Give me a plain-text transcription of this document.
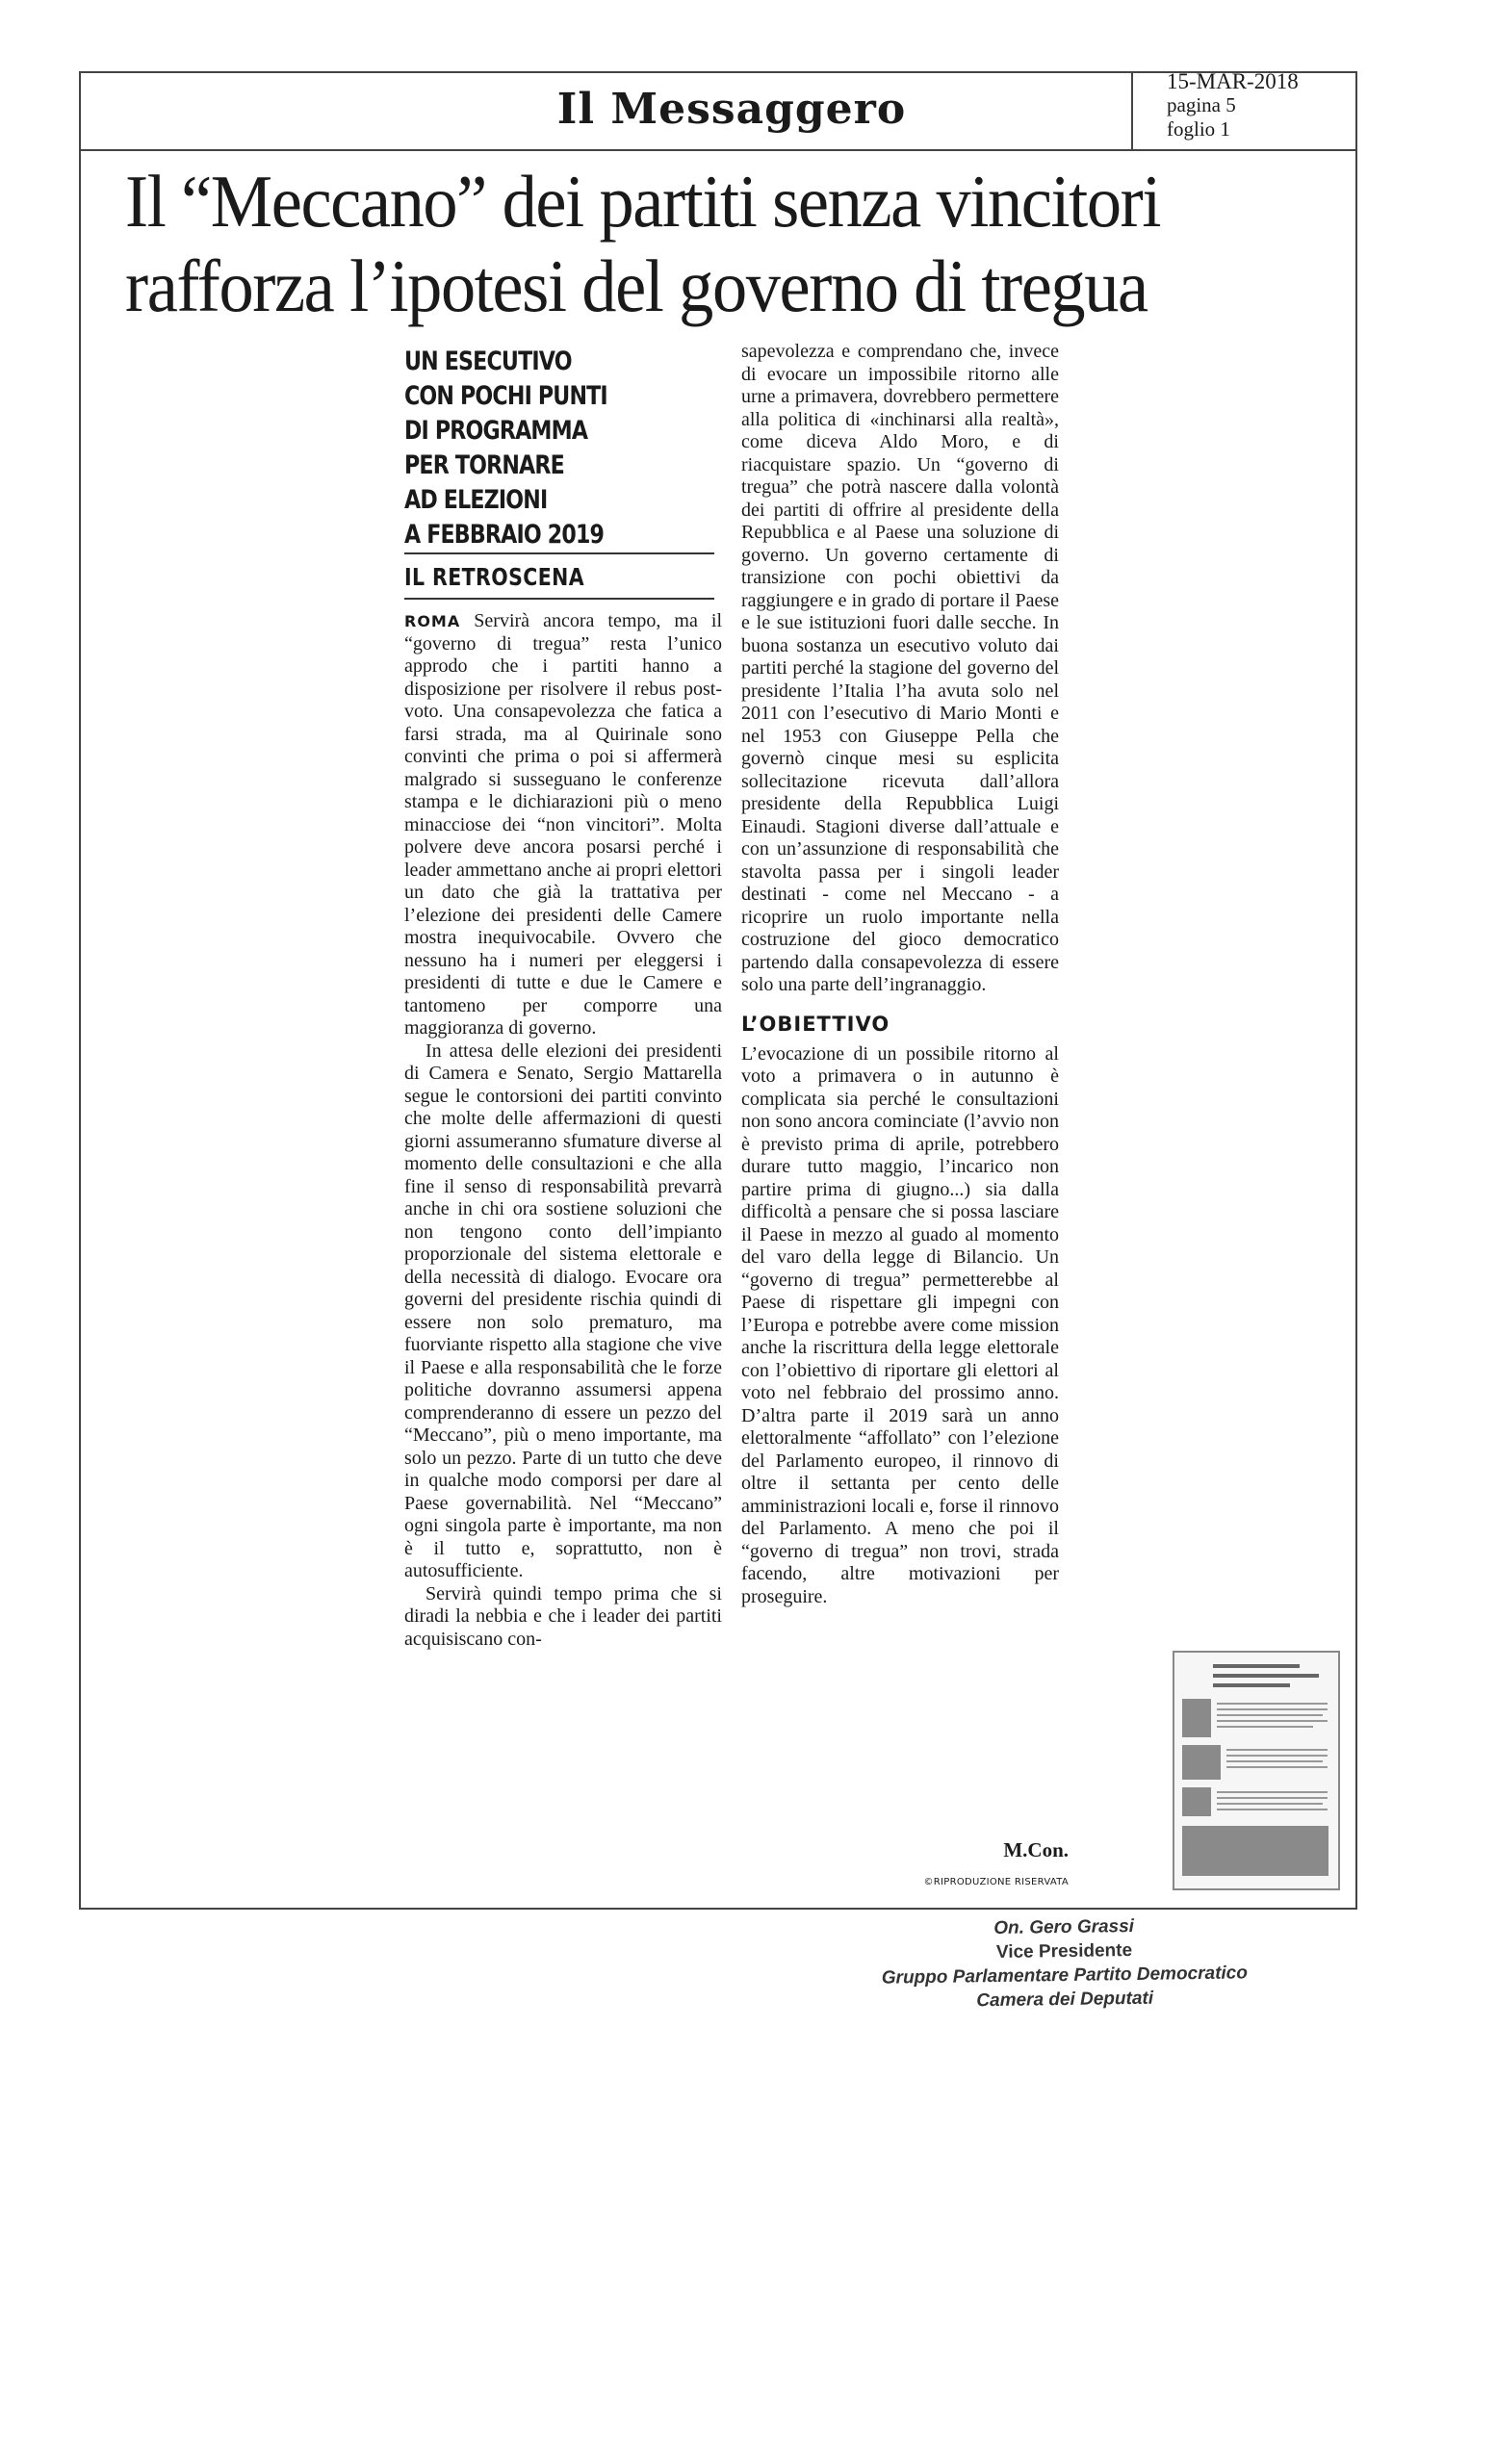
Il Messaggero
15-MAR-2018
pagina 5
foglio 1
Il “Meccano” dei partiti senza vincitori
rafforza l’ipotesi del governo di tregua
UN ESECUTIVO
CON POCHI PUNTI
DI PROGRAMMA
PER TORNARE
AD ELEZIONI
A FEBBRAIO 2019
IL RETROSCENA

ROMA Servirà ancora tempo, ma il “governo di tregua” resta l’unico approdo che i partiti hanno a disposizione per risolvere il rebus post-voto. Una consapevolezza che fatica a farsi strada, ma al Quirinale sono convinti che prima o poi si affermerà malgrado si susseguano le conferenze stampa e le dichiarazioni più o meno minacciose dei “non vincitori”. Molta polvere deve ancora posarsi perché i leader ammettano anche ai propri elettori un dato che già la trattativa per l’elezione dei presidenti delle Camere mostra inequivocabile. Ovvero che nessuno ha i numeri per eleggersi i presidenti di tutte e due le Camere e tantomeno per comporre una maggioranza di governo.

In attesa delle elezioni dei presidenti di Camera e Senato, Sergio Mattarella segue le contorsioni dei partiti convinto che molte delle affermazioni di questi giorni assumeranno sfumature diverse al momento delle consultazioni e che alla fine il senso di responsabilità prevarrà anche in chi ora sostiene soluzioni che non tengono conto dell’impianto proporzionale del sistema elettorale e della necessità di dialogo. Evocare ora governi del presidente rischia quindi di essere non solo prematuro, ma fuorviante rispetto alla stagione che vive il Paese e alla responsabilità che le forze politiche dovranno assumersi appena comprenderanno di essere un pezzo del “Meccano”, più o meno importante, ma solo un pezzo. Parte di un tutto che deve in qualche modo comporsi per dare al Paese governabilità. Nel “Meccano” ogni singola parte è importante, ma non è il tutto e, soprattutto, non è autosufficiente.

Servirà quindi tempo prima che si diradi la nebbia e che i leader dei partiti acquisiscano con-

sapevolezza e comprendano che, invece di evocare un impossibile ritorno alle urne a primavera, dovrebbero permettere alla politica di «inchinarsi alla realtà», come diceva Aldo Moro, e di riacquistare spazio. Un “governo di tregua” che potrà nascere dalla volontà dei partiti di offrire al presidente della Repubblica e al Paese una soluzione di governo. Un governo certamente di transizione con pochi obiettivi da raggiungere e in grado di portare il Paese e le sue istituzioni fuori dalle secche. In buona sostanza un esecutivo voluto dai partiti perché la stagione del governo del presidente l’Italia l’ha avuta solo nel 2011 con l’esecutivo di Mario Monti e nel 1953 con Giuseppe Pella che governò cinque mesi su esplicita sollecitazione ricevuta dall’allora presidente della Repubblica Luigi Einaudi. Stagioni diverse dall’attuale e con un’assunzione di responsabilità che stavolta passa per i singoli leader destinati - come nel Meccano - a ricoprire un ruolo importante nella costruzione del gioco democratico partendo dalla consapevolezza di essere solo una parte dell’ingranaggio.

L’OBIETTIVO

L’evocazione di un possibile ritorno al voto a primavera o in autunno è complicata sia perché le consultazioni non sono ancora cominciate (l’avvio non è previsto prima di aprile, potrebbero durare tutto maggio, l’incarico non partire prima di giugno...) sia dalla difficoltà a pensare che si possa lasciare il Paese in mezzo al guado al momento del varo della legge di Bilancio. Un “governo di tregua” permetterebbe al Paese di rispettare gli impegni con l’Europa e potrebbe avere come mission anche la riscrittura della legge elettorale con l’obiettivo di riportare gli elettori al voto nel febbraio del prossimo anno. D’altra parte il 2019 sarà un anno elettoralmente “affollato” con l’elezione del Parlamento europeo, il rinnovo di oltre il settanta per cento delle amministrazioni locali e, forse il rinnovo del Parlamento. A meno che poi il “governo di tregua” non trovi, strada facendo, altre motivazioni per proseguire.

M.Con.
©RIPRODUZIONE RISERVATA
On. Gero Grassi
Vice Presidente
Gruppo Parlamentare Partito Democratico
Camera dei Deputati
